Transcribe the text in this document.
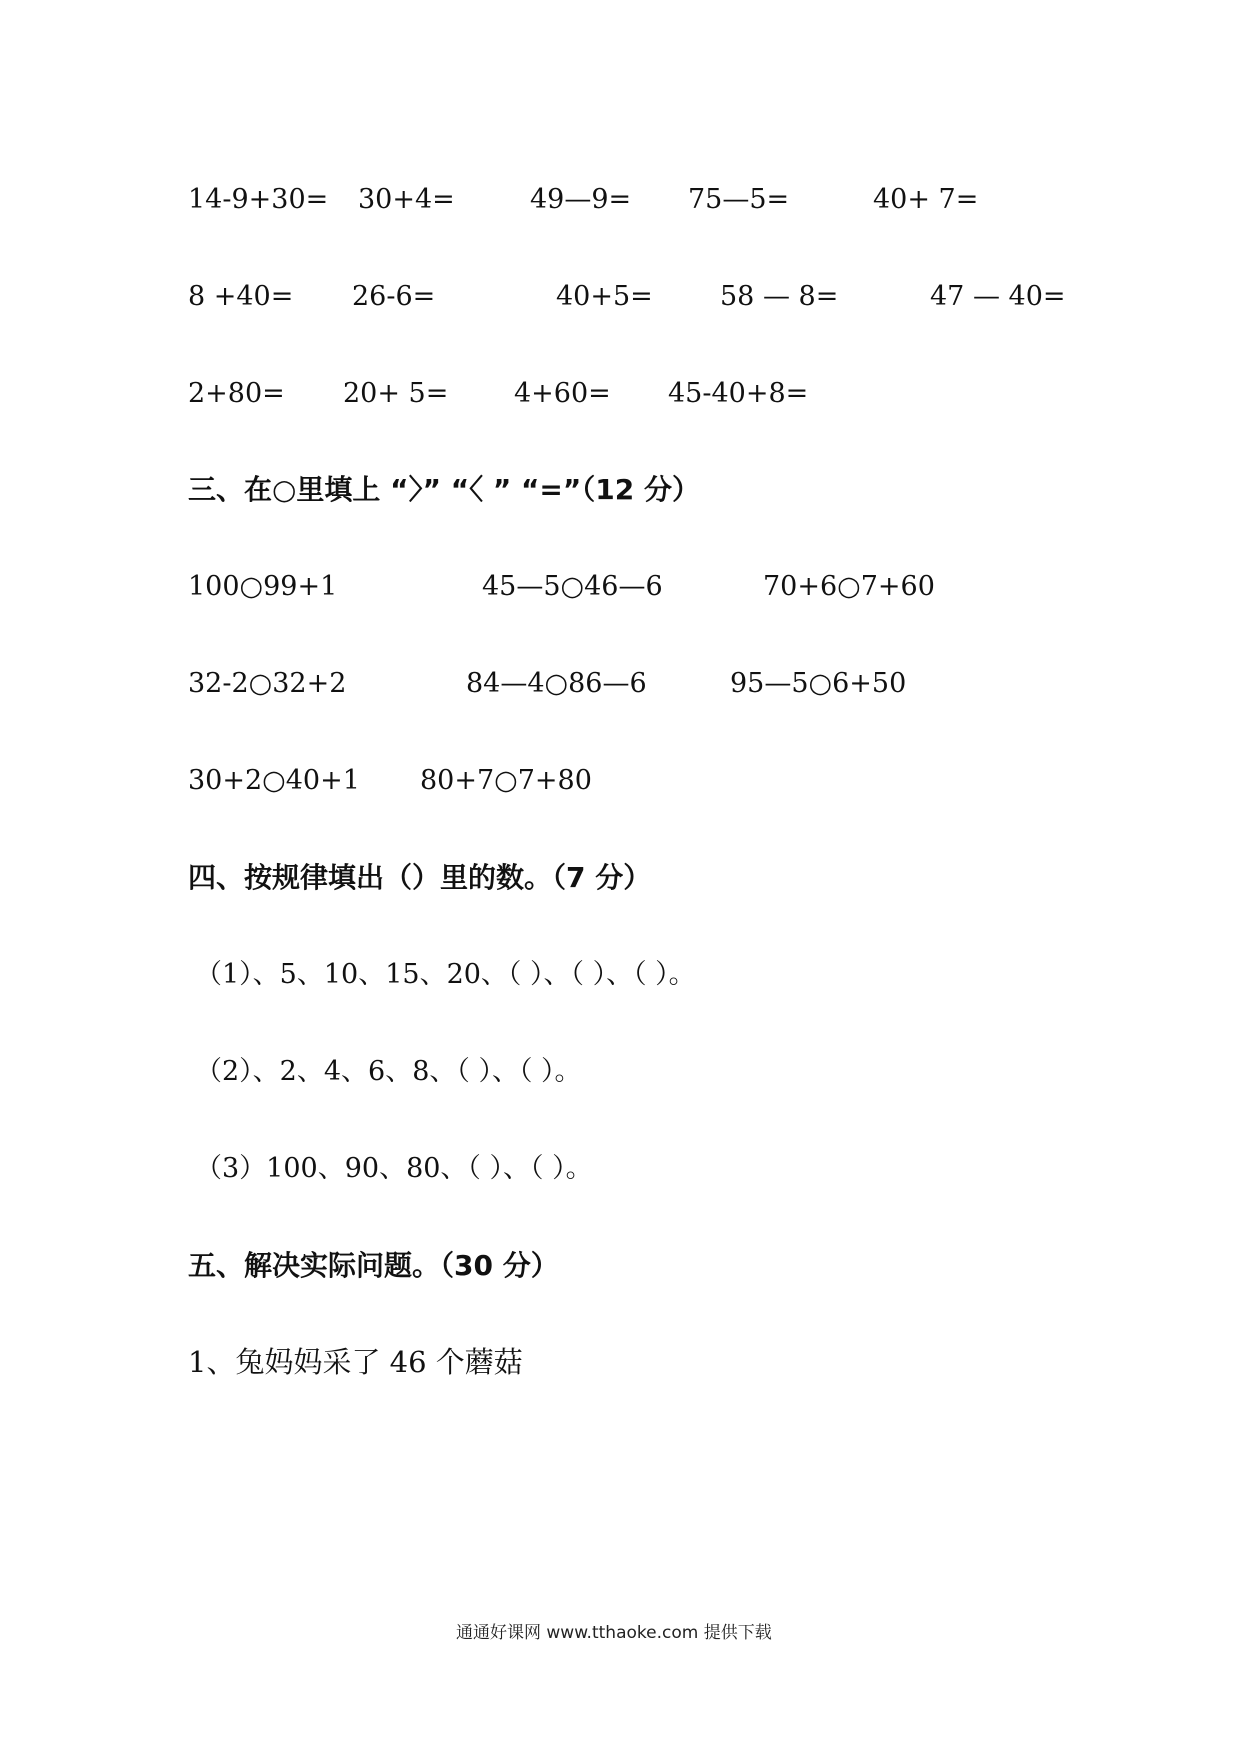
14-9+30= 30+4=	49—9= 75—5=	40+ 7=
8 +40= 26-6=	40+5= 58 — 8=	47 — 40=
2+80= 20+ 5= 4+60= 45-40+8=
三、在○里填上 “〉” “〈 ” “=”（12 分）
100○99+1	45—5○46—6	70+6○7+60
32-2○32+2	84—4○86—6	95—5○6+50
30+2○40+1 80+7○7+80
四、按规律填出（）里的数。（7 分）
（1）、5、10、15、20、（ ）、（ ）、（ ）。
（2）、2、4、6、8、（ ）、（ ）。
（3）100、90、80、（ ）、（ ）。
五、解决实际问题。（30 分）
1、兔妈妈采了 46 个蘑菇
通通好课网 www.tthaoke.com 提供下载
